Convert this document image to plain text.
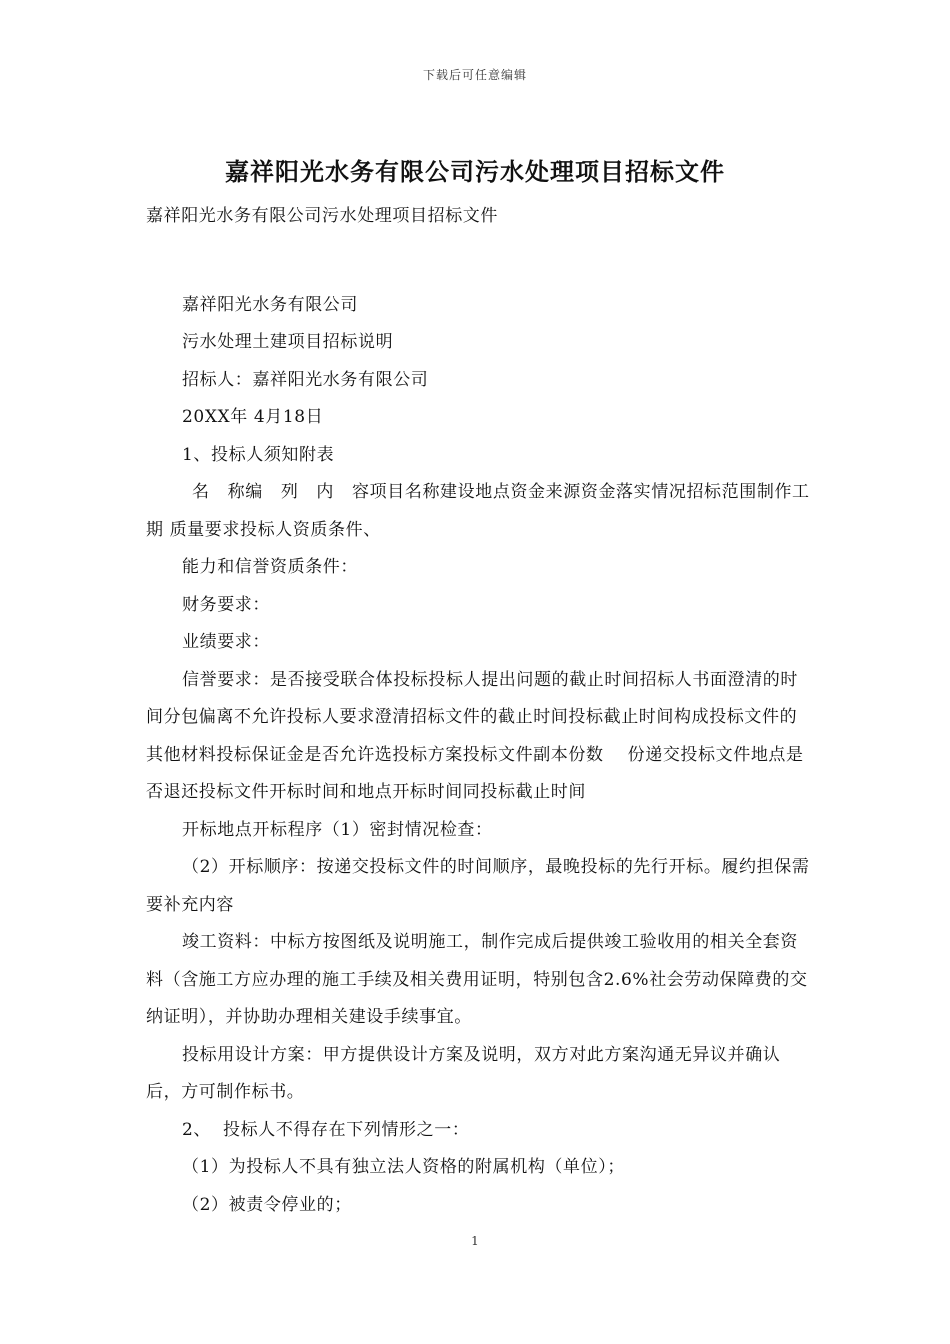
下载后可任意编辑
嘉祥阳光水务有限公司污水处理项目招标文件

嘉祥阳光水务有限公司污水处理项目招标文件

嘉祥阳光水务有限公司

污水处理土建项目招标说明

招标人：嘉祥阳光水务有限公司

20XX年 4月18日

1、投标人须知附表

名   称编   列   内   容项目名称建设地点资金来源资金落实情况招标范围制作工期 质量要求投标人资质条件、

能力和信誉资质条件：

财务要求：

业绩要求：

信誉要求：是否接受联合体投标投标人提出问题的截止时间招标人书面澄清的时间分包偏离不允许投标人要求澄清招标文件的截止时间投标截止时间构成投标文件的其他材料投标保证金是否允许选投标方案投标文件副本份数    份递交投标文件地点是否退还投标文件开标时间和地点开标时间同投标截止时间

开标地点开标程序（1）密封情况检查：

（2）开标顺序：按递交投标文件的时间顺序，最晚投标的先行开标。履约担保需要补充内容

竣工资料：中标方按图纸及说明施工，制作完成后提供竣工验收用的相关全套资料（含施工方应办理的施工手续及相关费用证明，特别包含2.6%社会劳动保障费的交纳证明），并协助办理相关建设手续事宜。

投标用设计方案：甲方提供设计方案及说明，双方对此方案沟通无异议并确认后，方可制作标书。

2、  投标人不得存在下列情形之一：

（1）为投标人不具有独立法人资格的附属机构（单位）；

（2）被责令停业的；

1
